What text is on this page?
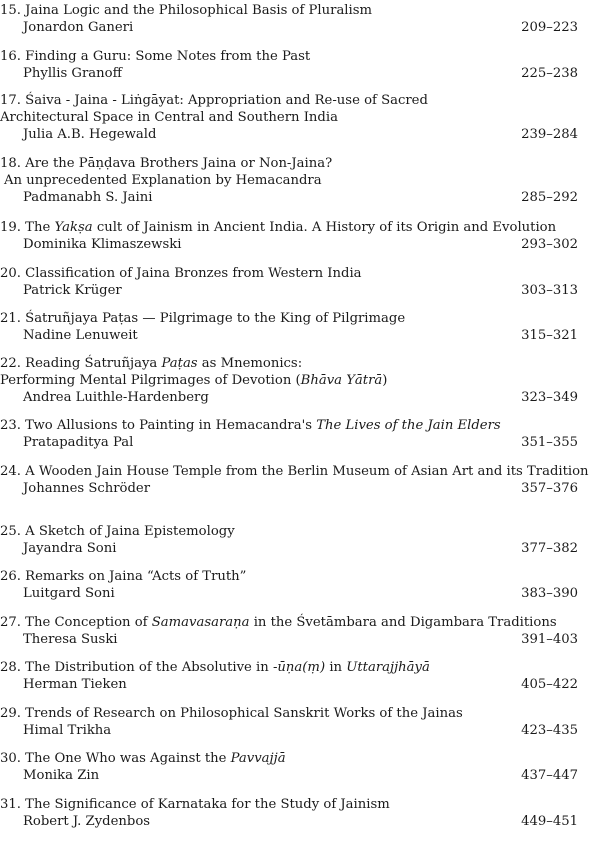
15. Jaina Logic and the Philosophical Basis of Pluralism
Jonardon Ganeri	209–223
16. Finding a Guru: Some Notes from the Past
Phyllis Granoff	225–238
17. Śaiva - Jaina - Liṅgāyat: Appropriation and Re-use of Sacred
Architectural Space in Central and Southern India
Julia A.B. Hegewald	239–284
18. Are the Pāṇḍava Brothers Jaina or Non-Jaina?
An unprecedented Explanation by Hemacandra
Padmanabh S. Jaini	285–292
19. The Yakṣa cult of Jainism in Ancient India. A History of its Origin and Evolution
Dominika Klimaszewski	293–302
20. Classification of Jaina Bronzes from Western India
Patrick Krüger	303–313
21. Śatruñjaya Paṭas — Pilgrimage to the King of Pilgrimage
Nadine Lenuweit	315–321
22. Reading Śatruñjaya Paṭas as Mnemonics:
Performing Mental Pilgrimages of Devotion (Bhāva Yātrā)
Andrea Luithle-Hardenberg	323–349
23. Two Allusions to Painting in Hemacandra's The Lives of the Jain Elders
Pratapaditya Pal	351–355
24. A Wooden Jain House Temple from the Berlin Museum of Asian Art and its Tradition
Johannes Schröder	357–376
25. A Sketch of Jaina Epistemology
Jayandra Soni	377–382
26. Remarks on Jaina “Acts of Truth”
Luitgard Soni	383–390
27. The Conception of Samavasaraṇa in the Śvetāmbara and Digambara Traditions
Theresa Suski	391–403
28. The Distribution of the Absolutive in -ūṇa(ṃ) in Uttarajjhāyā
Herman Tieken	405–422
29. Trends of Research on Philosophical Sanskrit Works of the Jainas
Himal Trikha	423–435
30. The One Who was Against the Pavvajjā
Monika Zin	437–447
31. The Significance of Karnataka for the Study of Jainism
Robert J. Zydenbos	449–451
